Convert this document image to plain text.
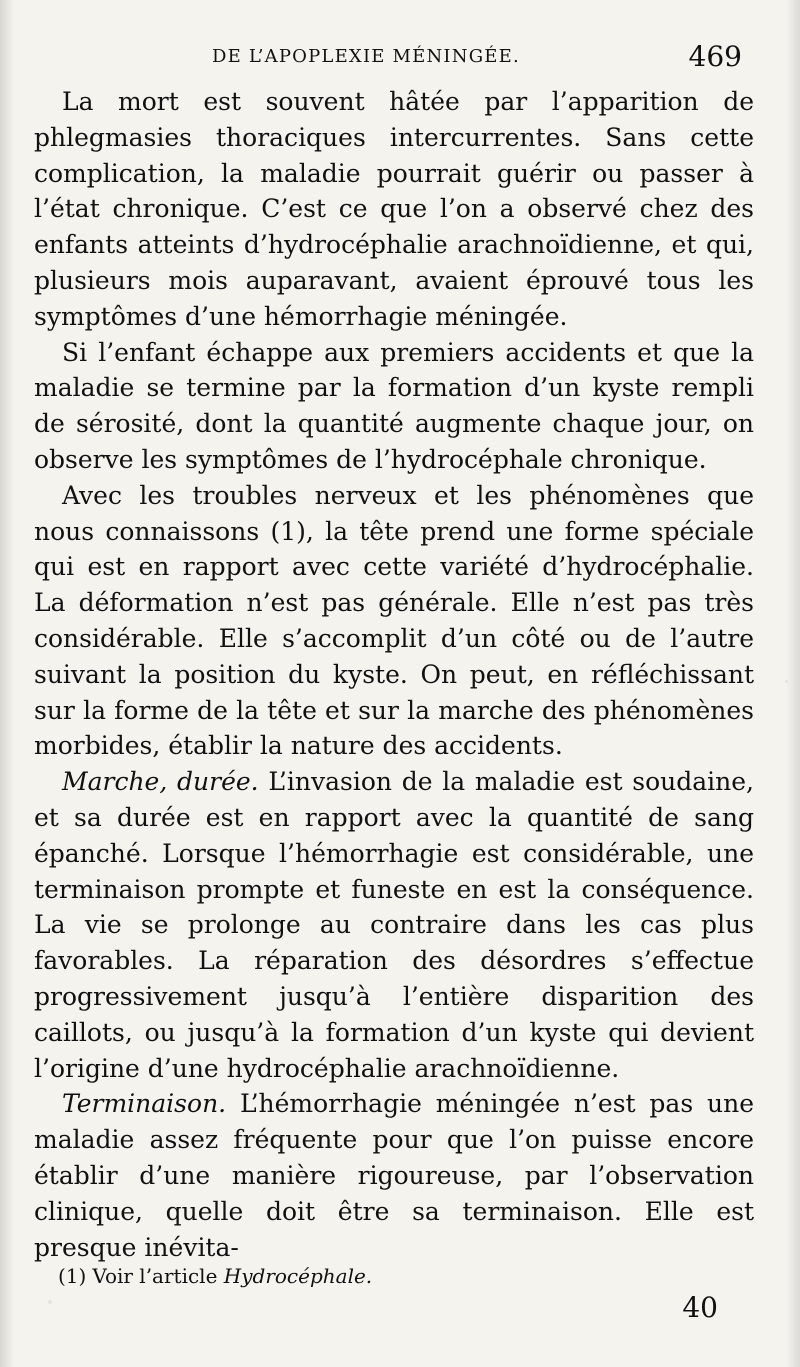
DE L’APOPLEXIE MÉNINGÉE.	469

La mort est souvent hâtée par l’apparition de phlegmasies thoraciques intercurrentes. Sans cette complication, la maladie pourrait guérir ou passer à l’état chronique. C’est ce que l’on a observé chez des enfants atteints d’hydrocéphalie arachnoïdienne, et qui, plusieurs mois auparavant, avaient éprouvé tous les symptômes d’une hémorrhagie méningée.

Si l’enfant échappe aux premiers accidents et que la maladie se termine par la formation d’un kyste rempli de sérosité, dont la quantité augmente chaque jour, on observe les symptômes de l’hydrocéphale chronique.

Avec les troubles nerveux et les phénomènes que nous connaissons (1), la tête prend une forme spéciale qui est en rapport avec cette variété d’hydrocéphalie. La déformation n’est pas générale. Elle n’est pas très considérable. Elle s’accomplit d’un côté ou de l’autre suivant la position du kyste. On peut, en réfléchissant sur la forme de la tête et sur la marche des phénomènes morbides, établir la nature des accidents.

Marche, durée. L’invasion de la maladie est soudaine, et sa durée est en rapport avec la quantité de sang épanché. Lorsque l’hémorrhagie est considérable, une terminaison prompte et funeste en est la conséquence. La vie se prolonge au contraire dans les cas plus favorables. La réparation des désordres s’effectue progressivement jusqu’à l’entière disparition des caillots, ou jusqu’à la formation d’un kyste qui devient l’origine d’une hydrocéphalie arachnoïdienne.

Terminaison. L’hémorrhagie méningée n’est pas une maladie assez fréquente pour que l’on puisse encore établir d’une manière rigoureuse, par l’observation clinique, quelle doit être sa terminaison. Elle est presque inévita-

(1) Voir l’article Hydrocéphale.
40
